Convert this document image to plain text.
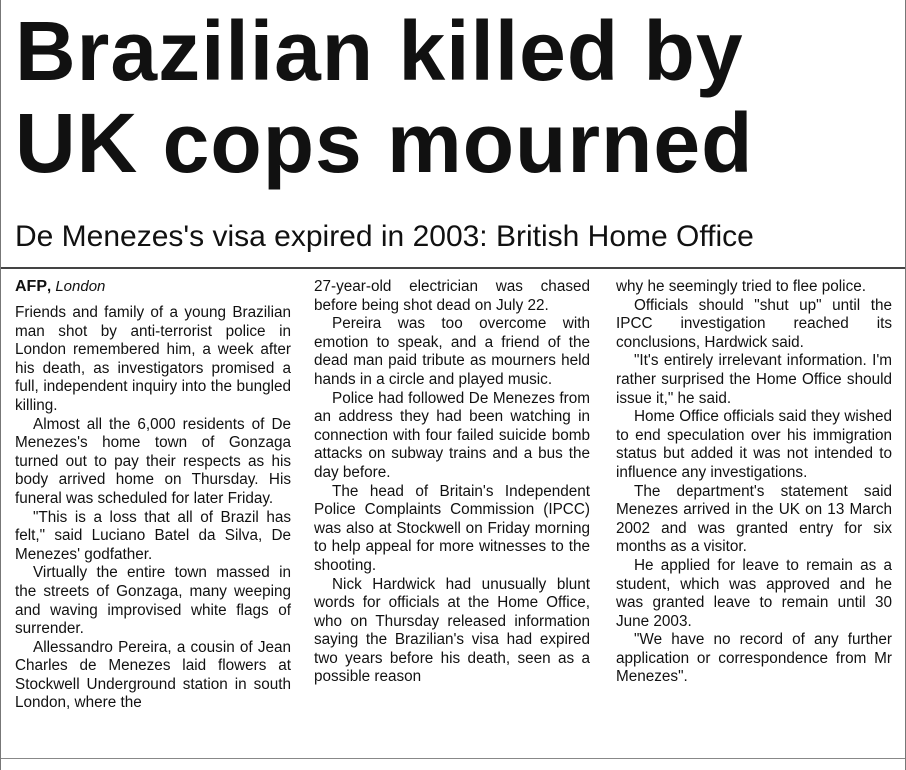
Brazilian killed by
UK cops mourned
De Menezes's visa expired in 2003: British Home Office
AFP, London

Friends and family of a young Brazilian man shot by anti-terrorist police in London remembered him, a week after his death, as investigators promised a full, independent inquiry into the bungled killing.

Almost all the 6,000 residents of De Menezes's home town of Gonzaga turned out to pay their respects as his body arrived home on Thursday. His funeral was scheduled for later Friday.

"This is a loss that all of Brazil has felt," said Luciano Batel da Silva, De Menezes' godfather.

Virtually the entire town massed in the streets of Gonzaga, many weeping and waving improvised white flags of surrender.

Allessandro Pereira, a cousin of Jean Charles de Menezes laid flowers at Stockwell Underground station in south London, where the

27-year-old electrician was chased before being shot dead on July 22.

Pereira was too overcome with emotion to speak, and a friend of the dead man paid tribute as mourners held hands in a circle and played music.

Police had followed De Menezes from an address they had been watching in connection with four failed suicide bomb attacks on subway trains and a bus the day before.

The head of Britain's Independent Police Complaints Commission (IPCC) was also at Stockwell on Friday morning to help appeal for more witnesses to the shooting.

Nick Hardwick had unusually blunt words for officials at the Home Office, who on Thursday released information saying the Brazilian's visa had expired two years before his death, seen as a possible reason

why he seemingly tried to flee police.

Officials should "shut up" until the IPCC investigation reached its conclusions, Hardwick said.

"It's entirely irrelevant information. I'm rather surprised the Home Office should issue it," he said.

Home Office officials said they wished to end speculation over his immigration status but added it was not intended to influence any investigations.

The department's statement said Menezes arrived in the UK on 13 March 2002 and was granted entry for six months as a visitor.

He applied for leave to remain as a student, which was approved and he was granted leave to remain until 30 June 2003.

"We have no record of any further application or correspondence from Mr Menezes".
